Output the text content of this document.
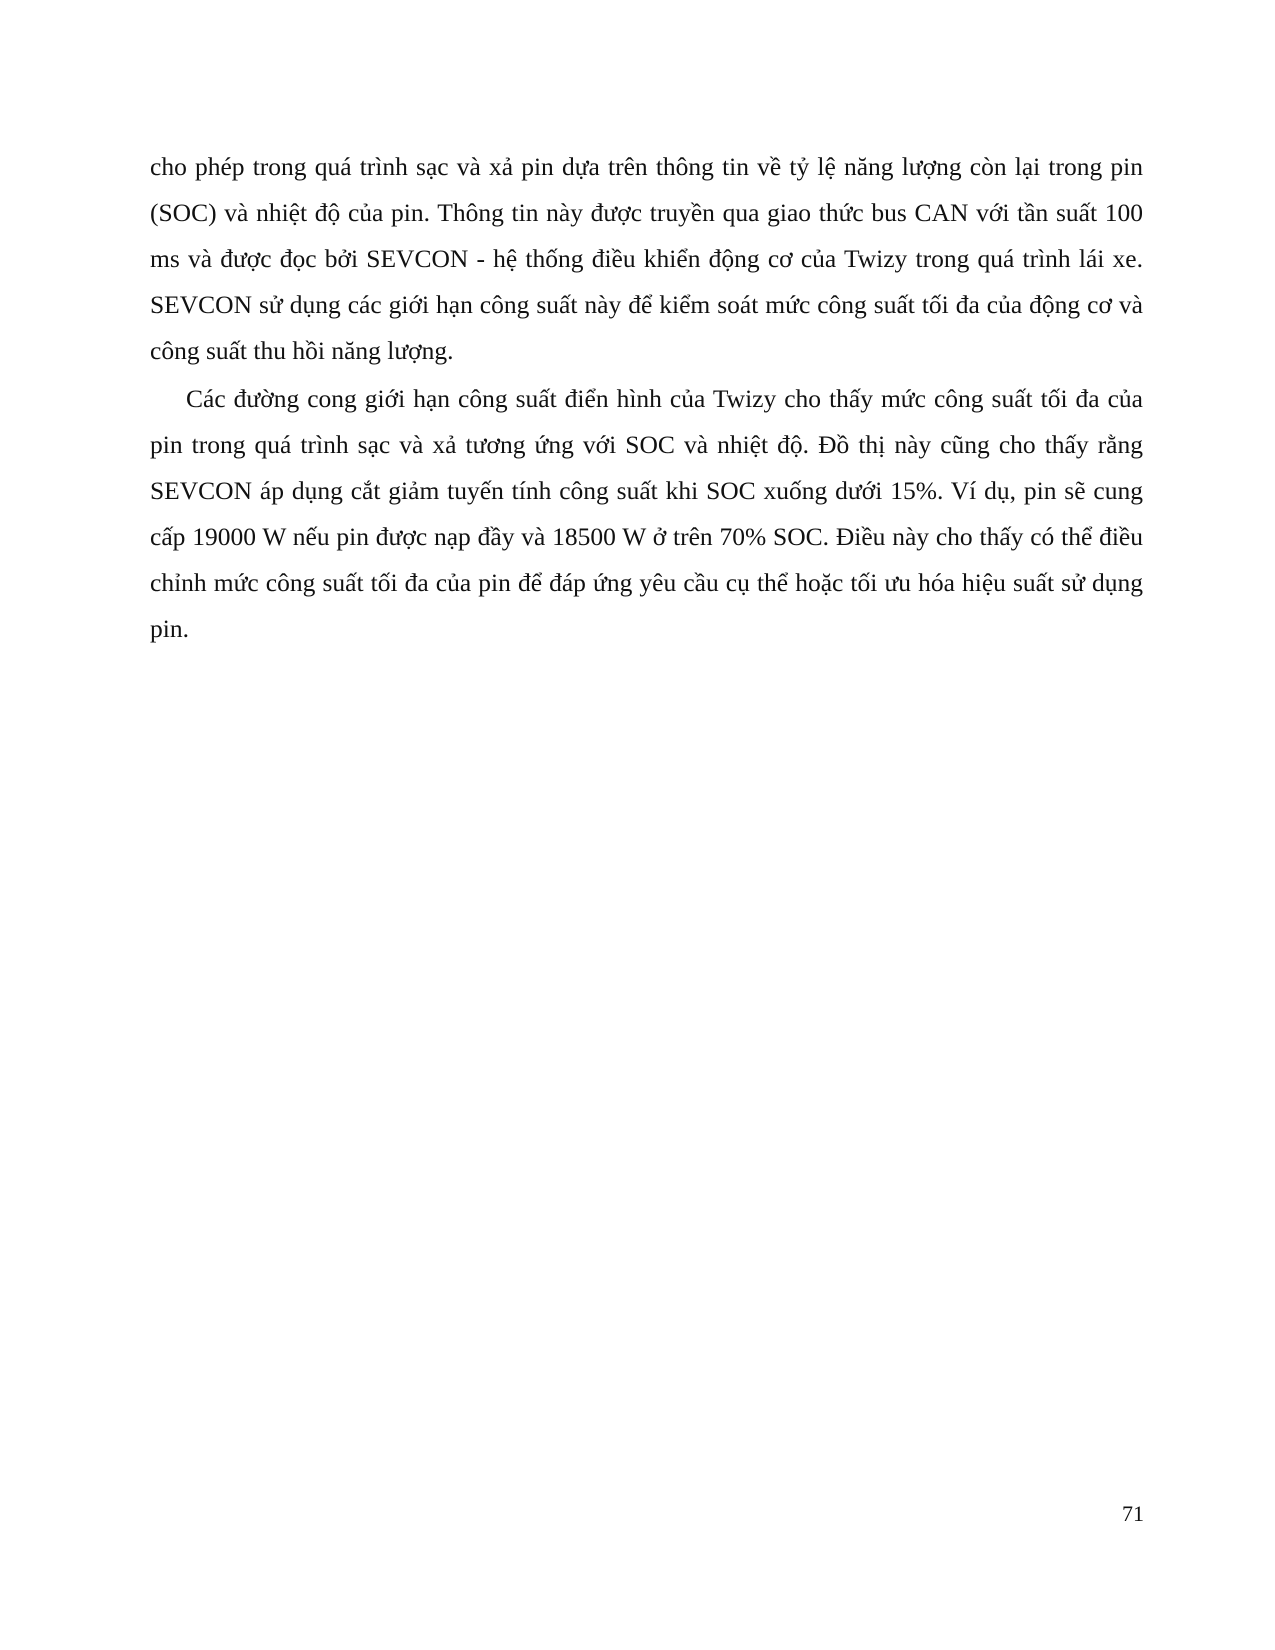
cho phép trong quá trình sạc và xả pin dựa trên thông tin về tỷ lệ năng lượng còn lại trong pin (SOC) và nhiệt độ của pin. Thông tin này được truyền qua giao thức bus CAN với tần suất 100 ms và được đọc bởi SEVCON - hệ thống điều khiển động cơ của Twizy trong quá trình lái xe. SEVCON sử dụng các giới hạn công suất này để kiểm soát mức công suất tối đa của động cơ và công suất thu hồi năng lượng.

Các đường cong giới hạn công suất điển hình của Twizy cho thấy mức công suất tối đa của pin trong quá trình sạc và xả tương ứng với SOC và nhiệt độ. Đồ thị này cũng cho thấy rằng SEVCON áp dụng cắt giảm tuyến tính công suất khi SOC xuống dưới 15%. Ví dụ, pin sẽ cung cấp 19000 W nếu pin được nạp đầy và 18500 W ở trên 70% SOC. Điều này cho thấy có thể điều chỉnh mức công suất tối đa của pin để đáp ứng yêu cầu cụ thể hoặc tối ưu hóa hiệu suất sử dụng pin.

71
